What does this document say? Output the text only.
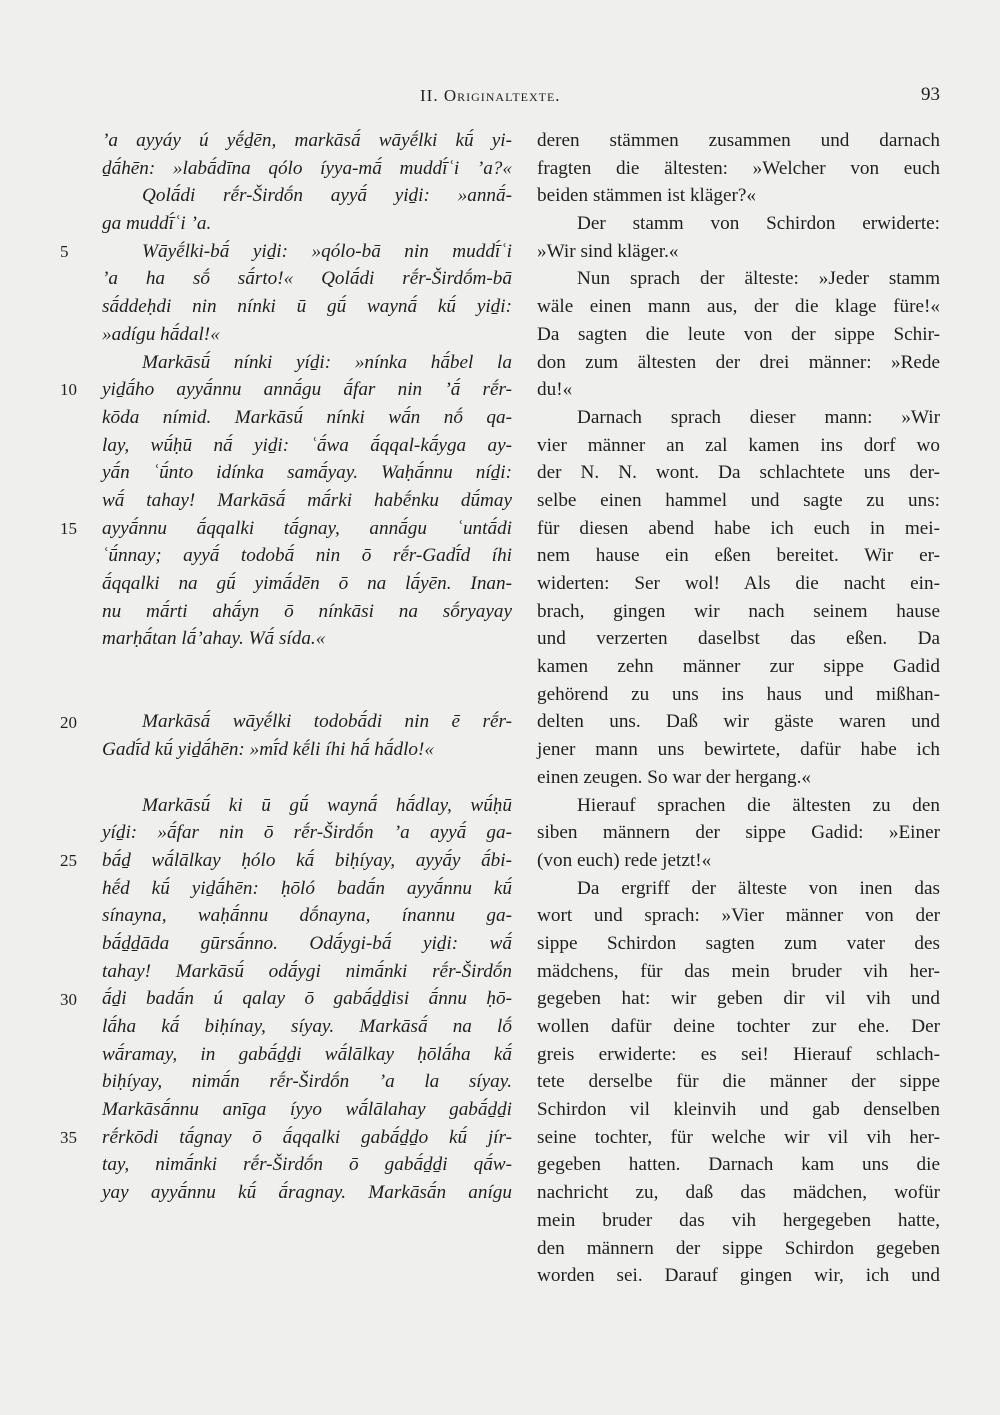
II. Originaltexte.	93
5
10
15
20
25
30
35
’a ayyáy ú yḗḏēn, markāsā́ wāyḗlki kū́ yi-
ḏā́hēn: »labā́dīna qólo íyya-mā́ muddī́ʿi ’a?«
Qolā́di rḗr-Širdṓn ayyā́ yiḏi: »annā́-
ga muddī́ʿi ’a.
Wāyḗlki-bā́ yiḏi: »qólo-bā nin muddī́ʿi
’a ha sṓ sā́rto!« Qolā́di rḗr-Širdṓm-bā
sā́ddeḥdi nin nínki ū gū́ waynā́ kū́ yiḏi:
»adígu hā́dal!«
Markāsū́ nínki yíḏi: »nínka hā́bel la
yiḏā́ho ayyā́nnu annā́gu ā́far nin ’ā́ rḗr-
kōda nímid. Markāsū́ nínki wā́n nṓ qa-
lay, wū́ḥū nā́ yiḏi: ʿā́wa ā́qqal-kā́yga ay-
yā́n ʿū́nto idínka samā́yay. Waḥā́nnu níḏi:
wā́ tahay! Markāsā́ mā́rki habḗnku dū́may
ayyā́nnu ā́qqalki tā́gnay, annā́gu ʿuntā́di
ʿū́nnay; ayyā́ todobā́ nin ō rḗr-Gadī́d íhi
ā́qqalki na gū́ yimā́dēn ō na lā́yēn. Inan-
nu mā́rti ahā́yn ō nínkāsi na sṓryayay
marḥā́tan lā́’ahay. Wā́ sída.«
Markāsā́ wāyḗlki todobā́di nin ē rḗr-
Gadī́d kū́ yiḏā́hēn: »mī́d kḗli íhi hā́ hā́dlo!«
Markāsū́ ki ū gū́ waynā́ hā́dlay, wū́ḥū
yíḏi: »ā́far nin ō rḗr-Širdṓn ’a ayyā́ ga-
bā́ḏ wā́lālkay ḥólo kā́ biḥíyay, ayyā́y ā́bi-
hḗd kū́ yiḏā́hēn: ḥōló badā́n ayyā́nnu kū́
sínayna, waḥā́nnu dṓnayna, ínannu ga-
bā́ḏḏāda gūrsā́nno. Odā́ygi-bā́ yiḏi: wā́
tahay! Markāsū́ odā́ygi nimā́nki rḗr-Širdṓn
ā́ḏi badā́n ú qalay ō gabā́ḏḏisi ā́nnu ḥō-
lā́ha kā́ biḥínay, síyay. Markāsā́ na lṓ
wā́ramay, in gabā́ḏḏi wā́lālkay ḥōlā́ha kā́
biḥíyay, nimā́n rḗr-Širdṓn ’a la síyay.
Markāsā́nnu anīga íyyo wā́lālahay gabā́ḏḏi
rḗrkōdi tā́gnay ō ā́qqalki gabā́ḏḏo kū́ jír-
tay, nimā́nki rḗr-Širdṓn ō gabā́ḏḏi qā́w-
yay ayyā́nnu kū́ ā́ragnay. Markāsā́n anígu
deren stämmen zusammen und darnach
fragten die ältesten: »Welcher von euch
beiden stämmen ist kläger?«
Der stamm von Schirdon erwiderte:
»Wir sind kläger.«
Nun sprach der älteste: »Jeder stamm
wäle einen mann aus, der die klage füre!«
Da sagten die leute von der sippe Schir-
don zum ältesten der drei männer: »Rede
du!«
Darnach sprach dieser mann: »Wir
vier männer an zal kamen ins dorf wo
der N. N. wont. Da schlachtete uns der-
selbe einen hammel und sagte zu uns:
für diesen abend habe ich euch in mei-
nem hause ein eßen bereitet. Wir er-
widerten: Ser wol! Als die nacht ein-
brach, gingen wir nach seinem hause
und verzerten daselbst das eßen. Da
kamen zehn männer zur sippe Gadid
gehörend zu uns ins haus und mißhan-
delten uns. Daß wir gäste waren und
jener mann uns bewirtete, dafür habe ich
einen zeugen. So war der hergang.«
Hierauf sprachen die ältesten zu den
siben männern der sippe Gadid: »Einer
(von euch) rede jetzt!«
Da ergriff der älteste von inen das
wort und sprach: »Vier männer von der
sippe Schirdon sagten zum vater des
mädchens, für das mein bruder vih her-
gegeben hat: wir geben dir vil vih und
wollen dafür deine tochter zur ehe. Der
greis erwiderte: es sei! Hierauf schlach-
tete derselbe für die männer der sippe
Schirdon vil kleinvih und gab denselben
seine tochter, für welche wir vil vih her-
gegeben hatten. Darnach kam uns die
nachricht zu, daß das mädchen, wofür
mein bruder das vih hergegeben hatte,
den männern der sippe Schirdon gegeben
worden sei. Darauf gingen wir, ich und
